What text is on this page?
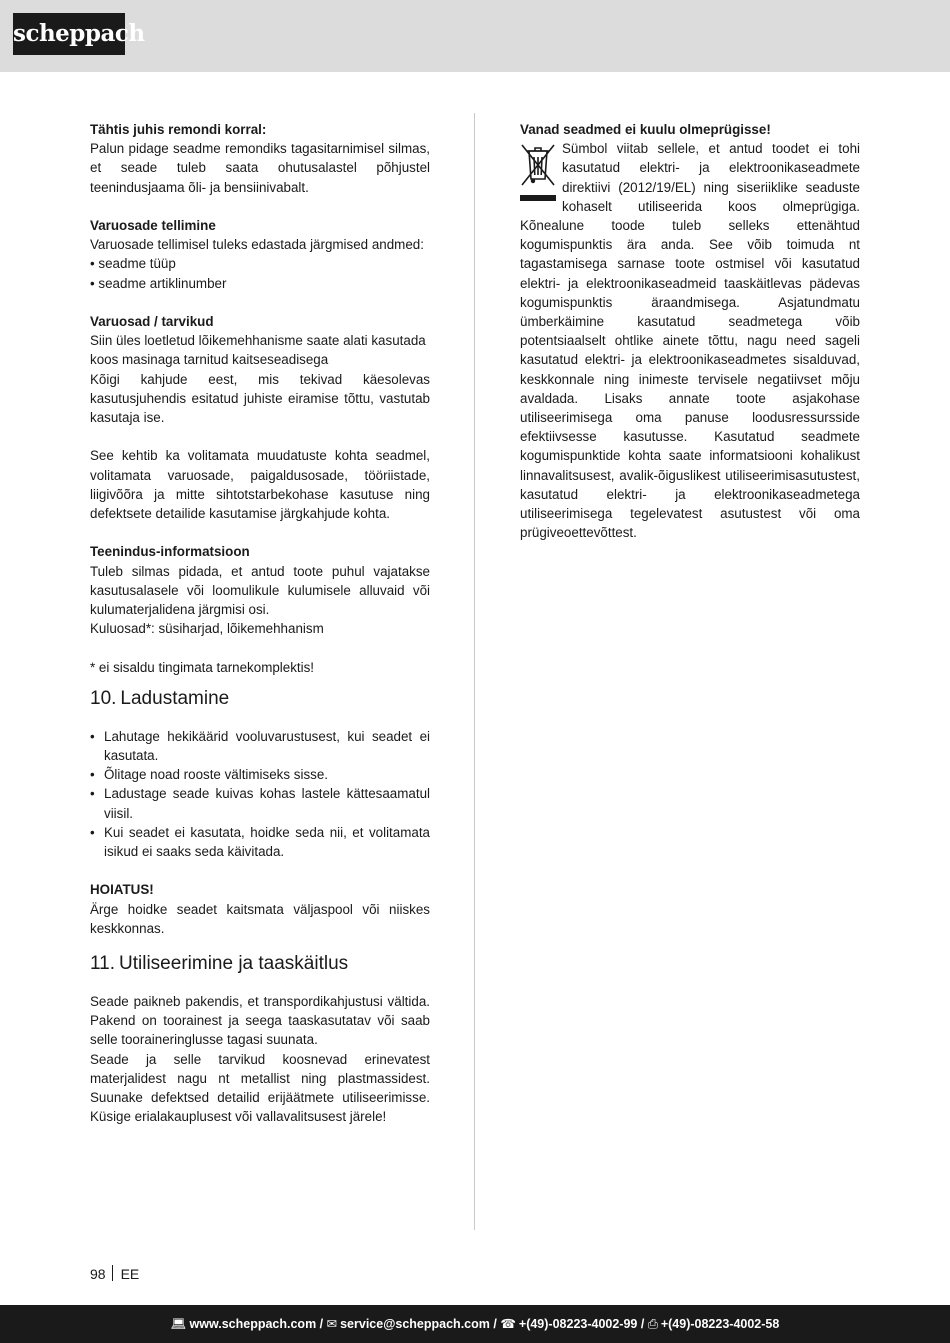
scheppach

Tähtis juhis remondi korral:

Palun pidage seadme remondiks tagasitarnimisel silmas, et seade tuleb saata ohutusalastel põhjustel teenindusjaama õli- ja bensiinivabalt.

Varuosade tellimine

Varuosade tellimisel tuleks edastada järgmised andmed:

• seadme tüüp
• seadme artiklinumber

Varuosad / tarvikud

Siin üles loetletud lõikemehhanisme saate alati kasutada koos masinaga tarnitud kaitseseadisega

Kõigi kahjude eest, mis tekivad käesolevas kasutusjuhendis esitatud juhiste eiramise tõttu, vastutab kasutaja ise.

See kehtib ka volitamata muudatuste kohta seadmel, volitamata varuosade, paigaldusosade, tööriistade, liigivõõra ja mitte sihtotstarbekohase kasutuse ning defektsete detailide kasutamise järgkahjude kohta.

Teenindus-informatsioon

Tuleb silmas pidada, et antud toote puhul vajatakse kasutusalasele või loomulikule kulumisele alluvaid või kulumaterjalidena järgmisi osi.

Kuluosad*: süsiharjad, lõikemehhanism

* ei sisaldu tingimata tarnekomplektis!

10. Ladustamine
• Lahutage hekikäärid vooluvarustusest, kui seadet ei kasutata.
• Õlitage noad rooste vältimiseks sisse.
• Ladustage seade kuivas kohas lastele kättesaamatul viisil.
• Kui seadet ei kasutata, hoidke seda nii, et volitamata isikud ei saaks seda käivitada.

HOIATUS!

Ärge hoidke seadet kaitsmata väljaspool või niiskes keskkonnas.

11. Utiliseerimine ja taaskäitlus

Seade paikneb pakendis, et transpordikahjustusi vältida. Pakend on toorainest ja seega taaskasutatav või saab selle tooraineringlusse tagasi suunata.

Seade ja selle tarvikud koosnevad erinevatest materjalidest nagu nt metallist ning plastmassidest. Suunake defektsed detailid erijäätmete utiliseerimisse. Küsige erialakauplusest või vallavalitsusest järele!

Vanad seadmed ei kuulu olmeprügisse!

Sümbol viitab sellele, et antud toodet ei tohi kasutatud elektri- ja elektroonikaseadmete direktiivi (2012/19/EL) ning siseriiklike seaduste kohaselt utiliseerida koos olmeprügiga. Kõnealune toode tuleb selleks ettenähtud kogumispunktis ära anda. See võib toimuda nt tagastamisega sarnase toote ostmisel või kasutatud elektri- ja elektroonikaseadmeid taaskäitlevas pädevas kogumispunktis äraandmisega. Asjatundmatu ümberkäimine kasutatud seadmetega võib potentsiaalselt ohtlike ainete tõttu, nagu need sageli kasutatud elektri- ja elektroonikaseadmetes sisalduvad, keskkonnale ning inimeste tervisele negatiivset mõju avaldada. Lisaks annate toote asjakohase utiliseerimisega oma panuse loodusressursside efektiivsesse kasutusse. Kasutatud seadmete kogumispunktide kohta saate informatsiooni kohalikust linnavalitsusest, avalik-õiguslikest utiliseerimisasutustest, kasutatud elektri- ja elektroonikaseadmetega utiliseerimisega tegelevatest asutustest või oma prügiveoettevõttest.

98 EE
💻︎ www.scheppach.com / ✉︎ service@scheppach.com / ☎︎ +(49)-08223-4002-99 / ⎙ +(49)-08223-4002-58
